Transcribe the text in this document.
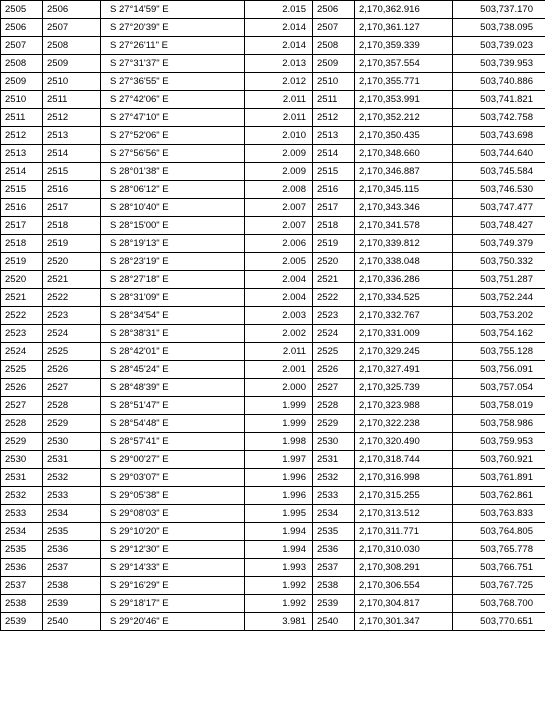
2505	2506	S 27°14'59" E	2.015	2506	2,170,362.916	503,737.170
2506	2507	S 27°20'39" E	2.014	2507	2,170,361.127	503,738.095
2507	2508	S 27°26'11" E	2.014	2508	2,170,359.339	503,739.023
2508	2509	S 27°31'37" E	2.013	2509	2,170,357.554	503,739.953
2509	2510	S 27°36'55" E	2.012	2510	2,170,355.771	503,740.886
2510	2511	S 27°42'06" E	2.011	2511	2,170,353.991	503,741.821
2511	2512	S 27°47'10" E	2.011	2512	2,170,352.212	503,742.758
2512	2513	S 27°52'06" E	2.010	2513	2,170,350.435	503,743.698
2513	2514	S 27°56'56" E	2.009	2514	2,170,348.660	503,744.640
2514	2515	S 28°01'38" E	2.009	2515	2,170,346.887	503,745.584
2515	2516	S 28°06'12" E	2.008	2516	2,170,345.115	503,746.530
2516	2517	S 28°10'40" E	2.007	2517	2,170,343.346	503,747.477
2517	2518	S 28°15'00" E	2.007	2518	2,170,341.578	503,748.427
2518	2519	S 28°19'13" E	2.006	2519	2,170,339.812	503,749.379
2519	2520	S 28°23'19" E	2.005	2520	2,170,338.048	503,750.332
2520	2521	S 28°27'18" E	2.004	2521	2,170,336.286	503,751.287
2521	2522	S 28°31'09" E	2.004	2522	2,170,334.525	503,752.244
2522	2523	S 28°34'54" E	2.003	2523	2,170,332.767	503,753.202
2523	2524	S 28°38'31" E	2.002	2524	2,170,331.009	503,754.162
2524	2525	S 28°42'01" E	2.011	2525	2,170,329.245	503,755.128
2525	2526	S 28°45'24" E	2.001	2526	2,170,327.491	503,756.091
2526	2527	S 28°48'39" E	2.000	2527	2,170,325.739	503,757.054
2527	2528	S 28°51'47" E	1.999	2528	2,170,323.988	503,758.019
2528	2529	S 28°54'48" E	1.999	2529	2,170,322.238	503,758.986
2529	2530	S 28°57'41" E	1.998	2530	2,170,320.490	503,759.953
2530	2531	S 29°00'27" E	1.997	2531	2,170,318.744	503,760.921
2531	2532	S 29°03'07" E	1.996	2532	2,170,316.998	503,761.891
2532	2533	S 29°05'38" E	1.996	2533	2,170,315.255	503,762.861
2533	2534	S 29°08'03" E	1.995	2534	2,170,313.512	503,763.833
2534	2535	S 29°10'20" E	1.994	2535	2,170,311.771	503,764.805
2535	2536	S 29°12'30" E	1.994	2536	2,170,310.030	503,765.778
2536	2537	S 29°14'33" E	1.993	2537	2,170,308.291	503,766.751
2537	2538	S 29°16'29" E	1.992	2538	2,170,306.554	503,767.725
2538	2539	S 29°18'17" E	1.992	2539	2,170,304.817	503,768.700
2539	2540	S 29°20'46" E	3.981	2540	2,170,301.347	503,770.651
